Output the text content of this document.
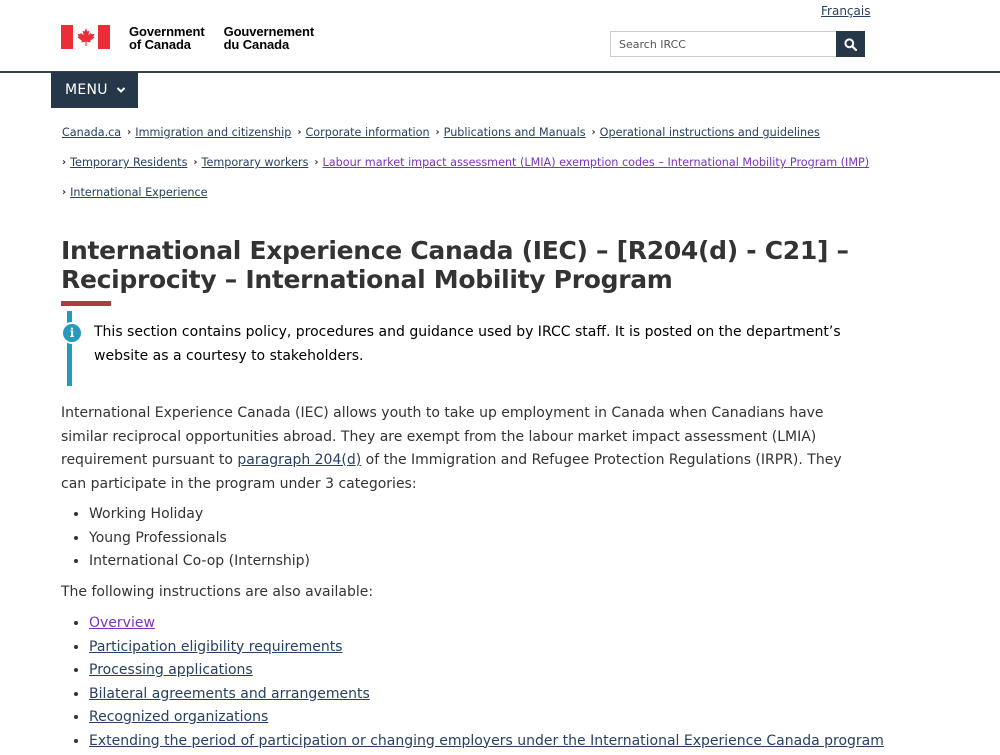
Français
Government
of Canada
Gouvernement
du Canada
Search IRCC
MENU
Canada.ca › Immigration and citizenship › Corporate information › Publications and Manuals › Operational instructions and guidelines
› Temporary Residents › Temporary workers › Labour market impact assessment (LMIA) exemption codes – International Mobility Program (IMP)
› International Experience
International Experience Canada (IEC) – [R204(d) - C21] – Reciprocity – International Mobility Program
i	This section contains policy, procedures and guidance used by IRCC staff. It is posted on the department’s website as a courtesy to stakeholders.

International Experience Canada (IEC) allows youth to take up employment in Canada when Canadians have similar reciprocal opportunities abroad. They are exempt from the labour market impact assessment (LMIA) requirement pursuant to paragraph 204(d) of the Immigration and Refugee Protection Regulations (IRPR). They can participate in the program under 3 categories:

• Working Holiday
• Young Professionals
• International Co-op (Internship)

The following instructions are also available:

• Overview
• Participation eligibility requirements
• Processing applications
• Bilateral agreements and arrangements
• Recognized organizations
• Extending the period of participation or changing employers under the International Experience Canada program
